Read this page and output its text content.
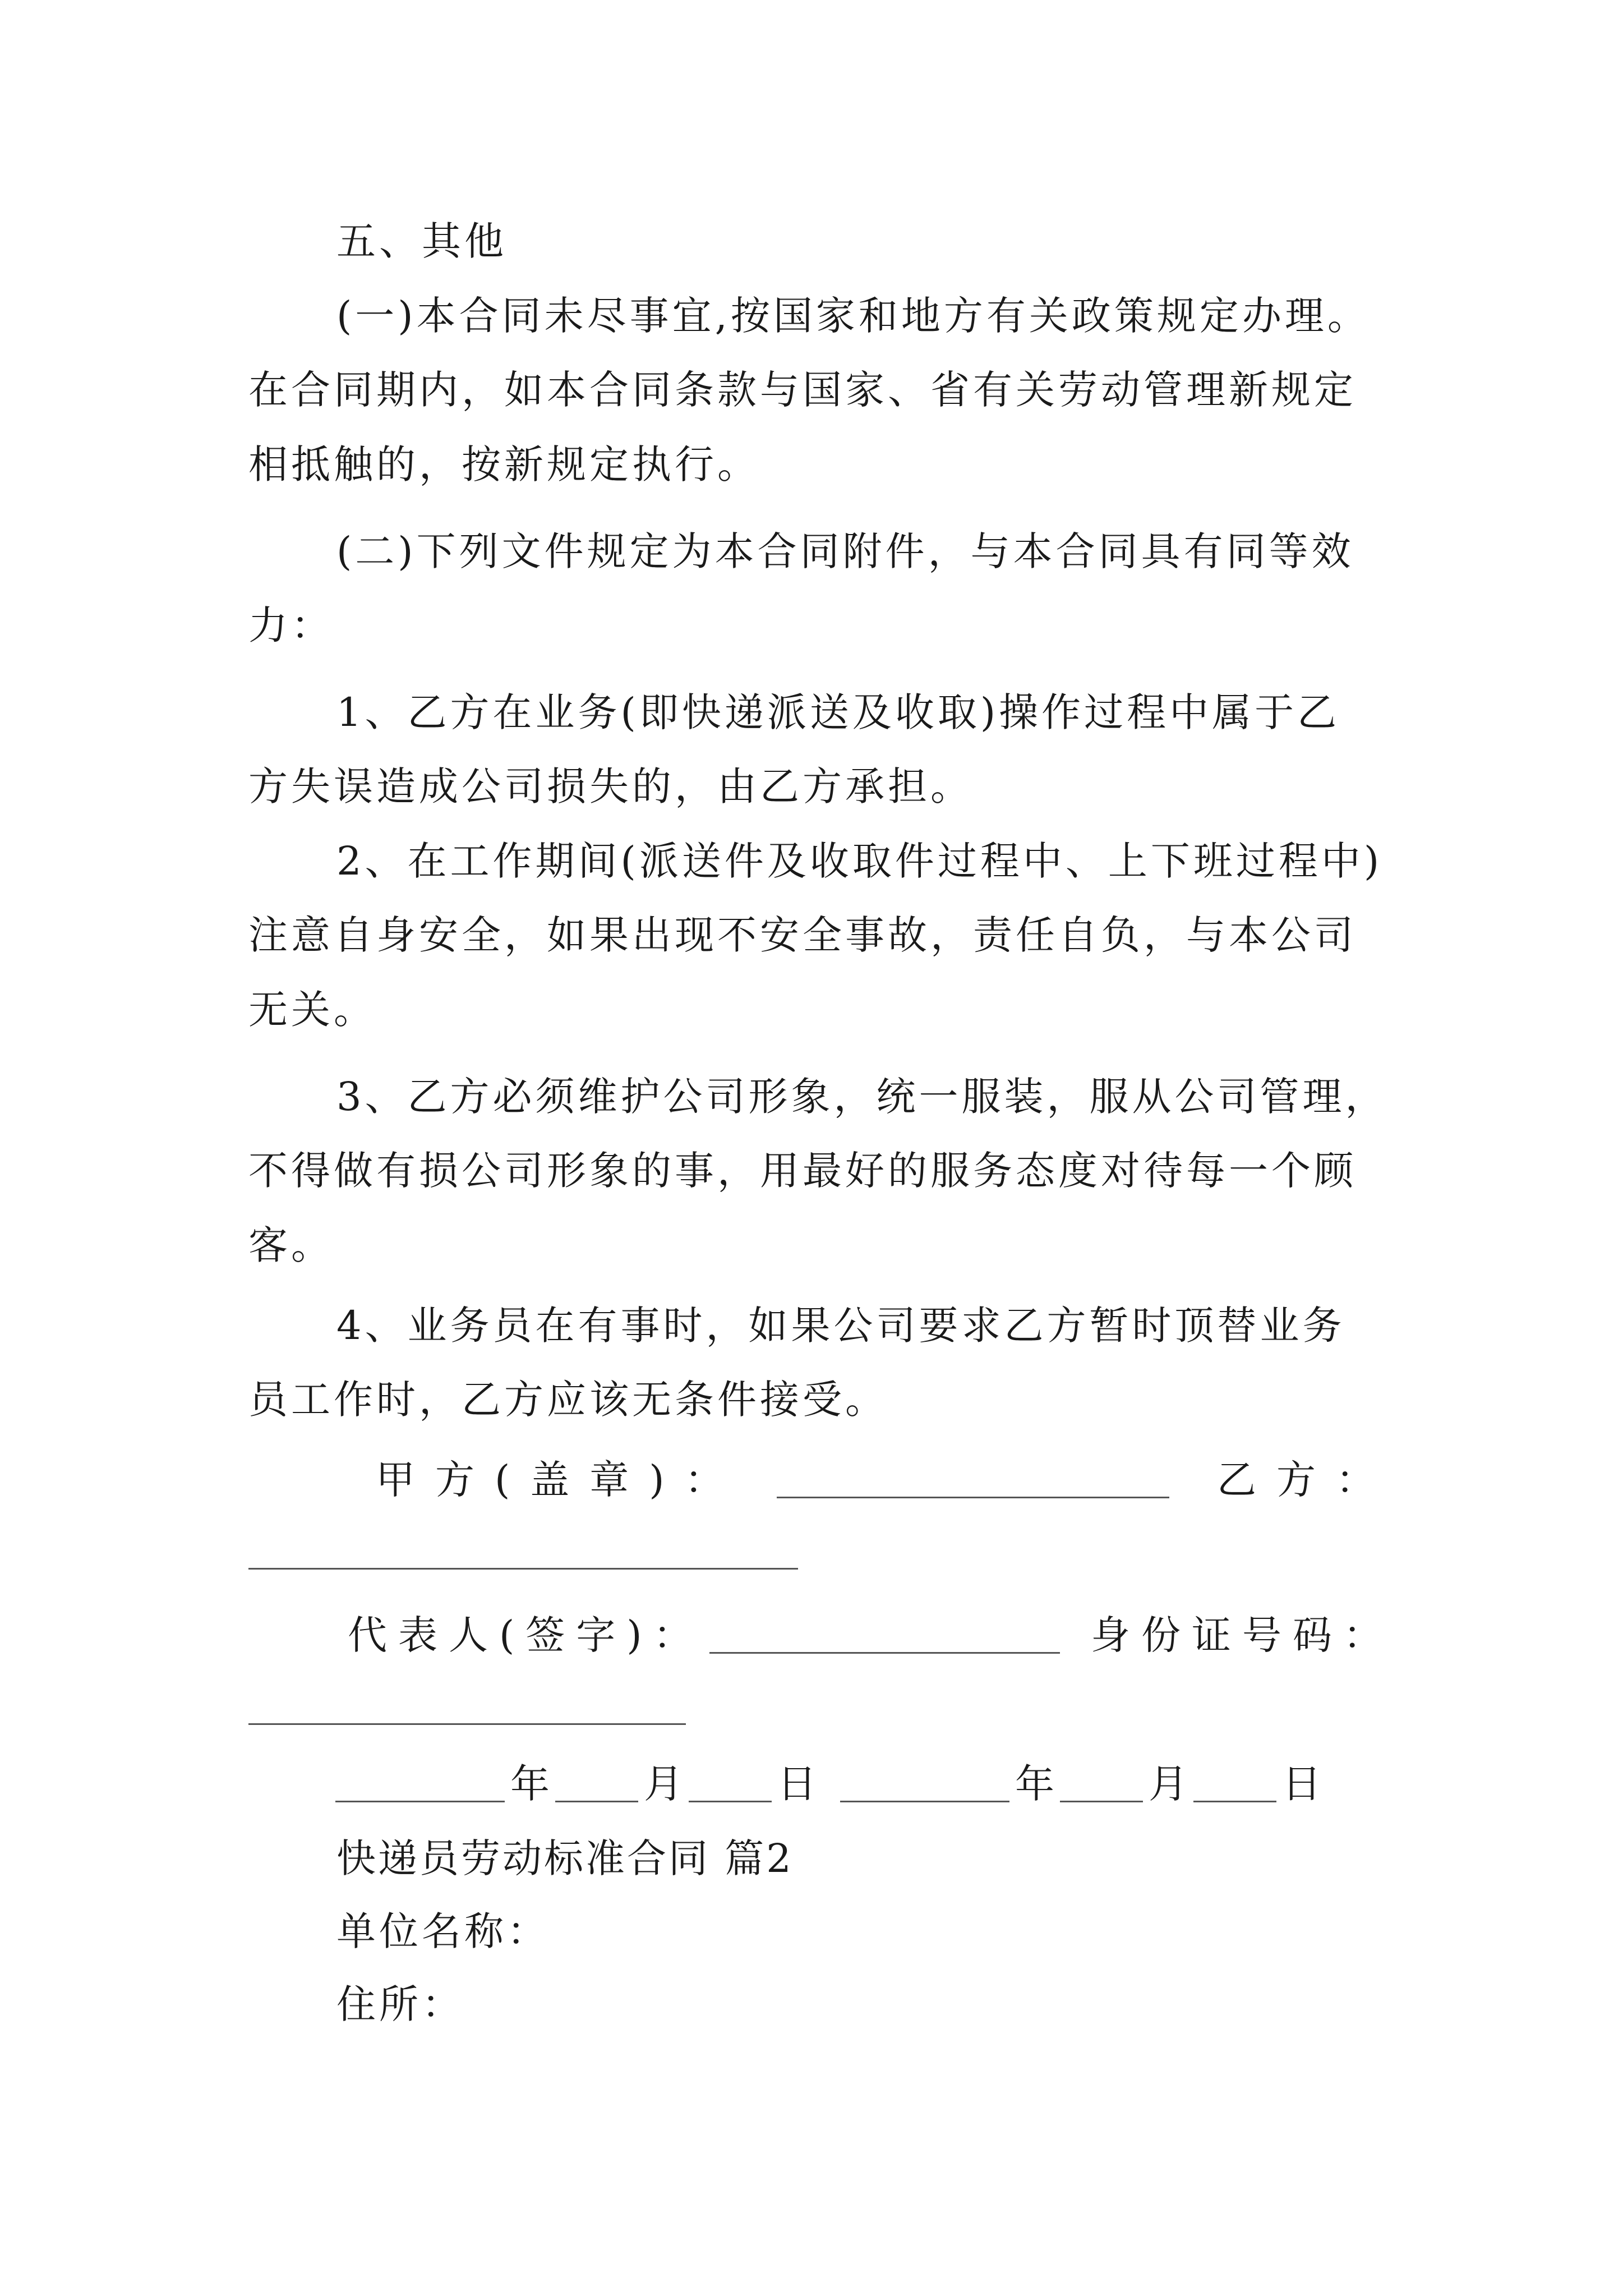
五、其他
(一)本合同未尽事宜,按国家和地方有关政策规定办理。
在合同期内，如本合同条款与国家、省有关劳动管理新规定
相抵触的，按新规定执行。
(二)下列文件规定为本合同附件，与本合同具有同等效
力：
1、乙方在业务(即快递派送及收取)操作过程中属于乙
方失误造成公司损失的，由乙方承担。
2、在工作期间(派送件及收取件过程中、上下班过程中)
注意自身安全，如果出现不安全事故，责任自负，与本公司
无关。
3、乙方必须维护公司形象，统一服装，服从公司管理，
不得做有损公司形象的事，用最好的服务态度对待每一个顾
客。
4、业务员在有事时，如果公司要求乙方暂时顶替业务
员工作时，乙方应该无条件接受。
甲方(盖章)：	乙方：
代表人(签字)：	身份证号码：
年 月 日	年 月 日
快递员劳动标准合同 篇2
单位名称：
住所：
